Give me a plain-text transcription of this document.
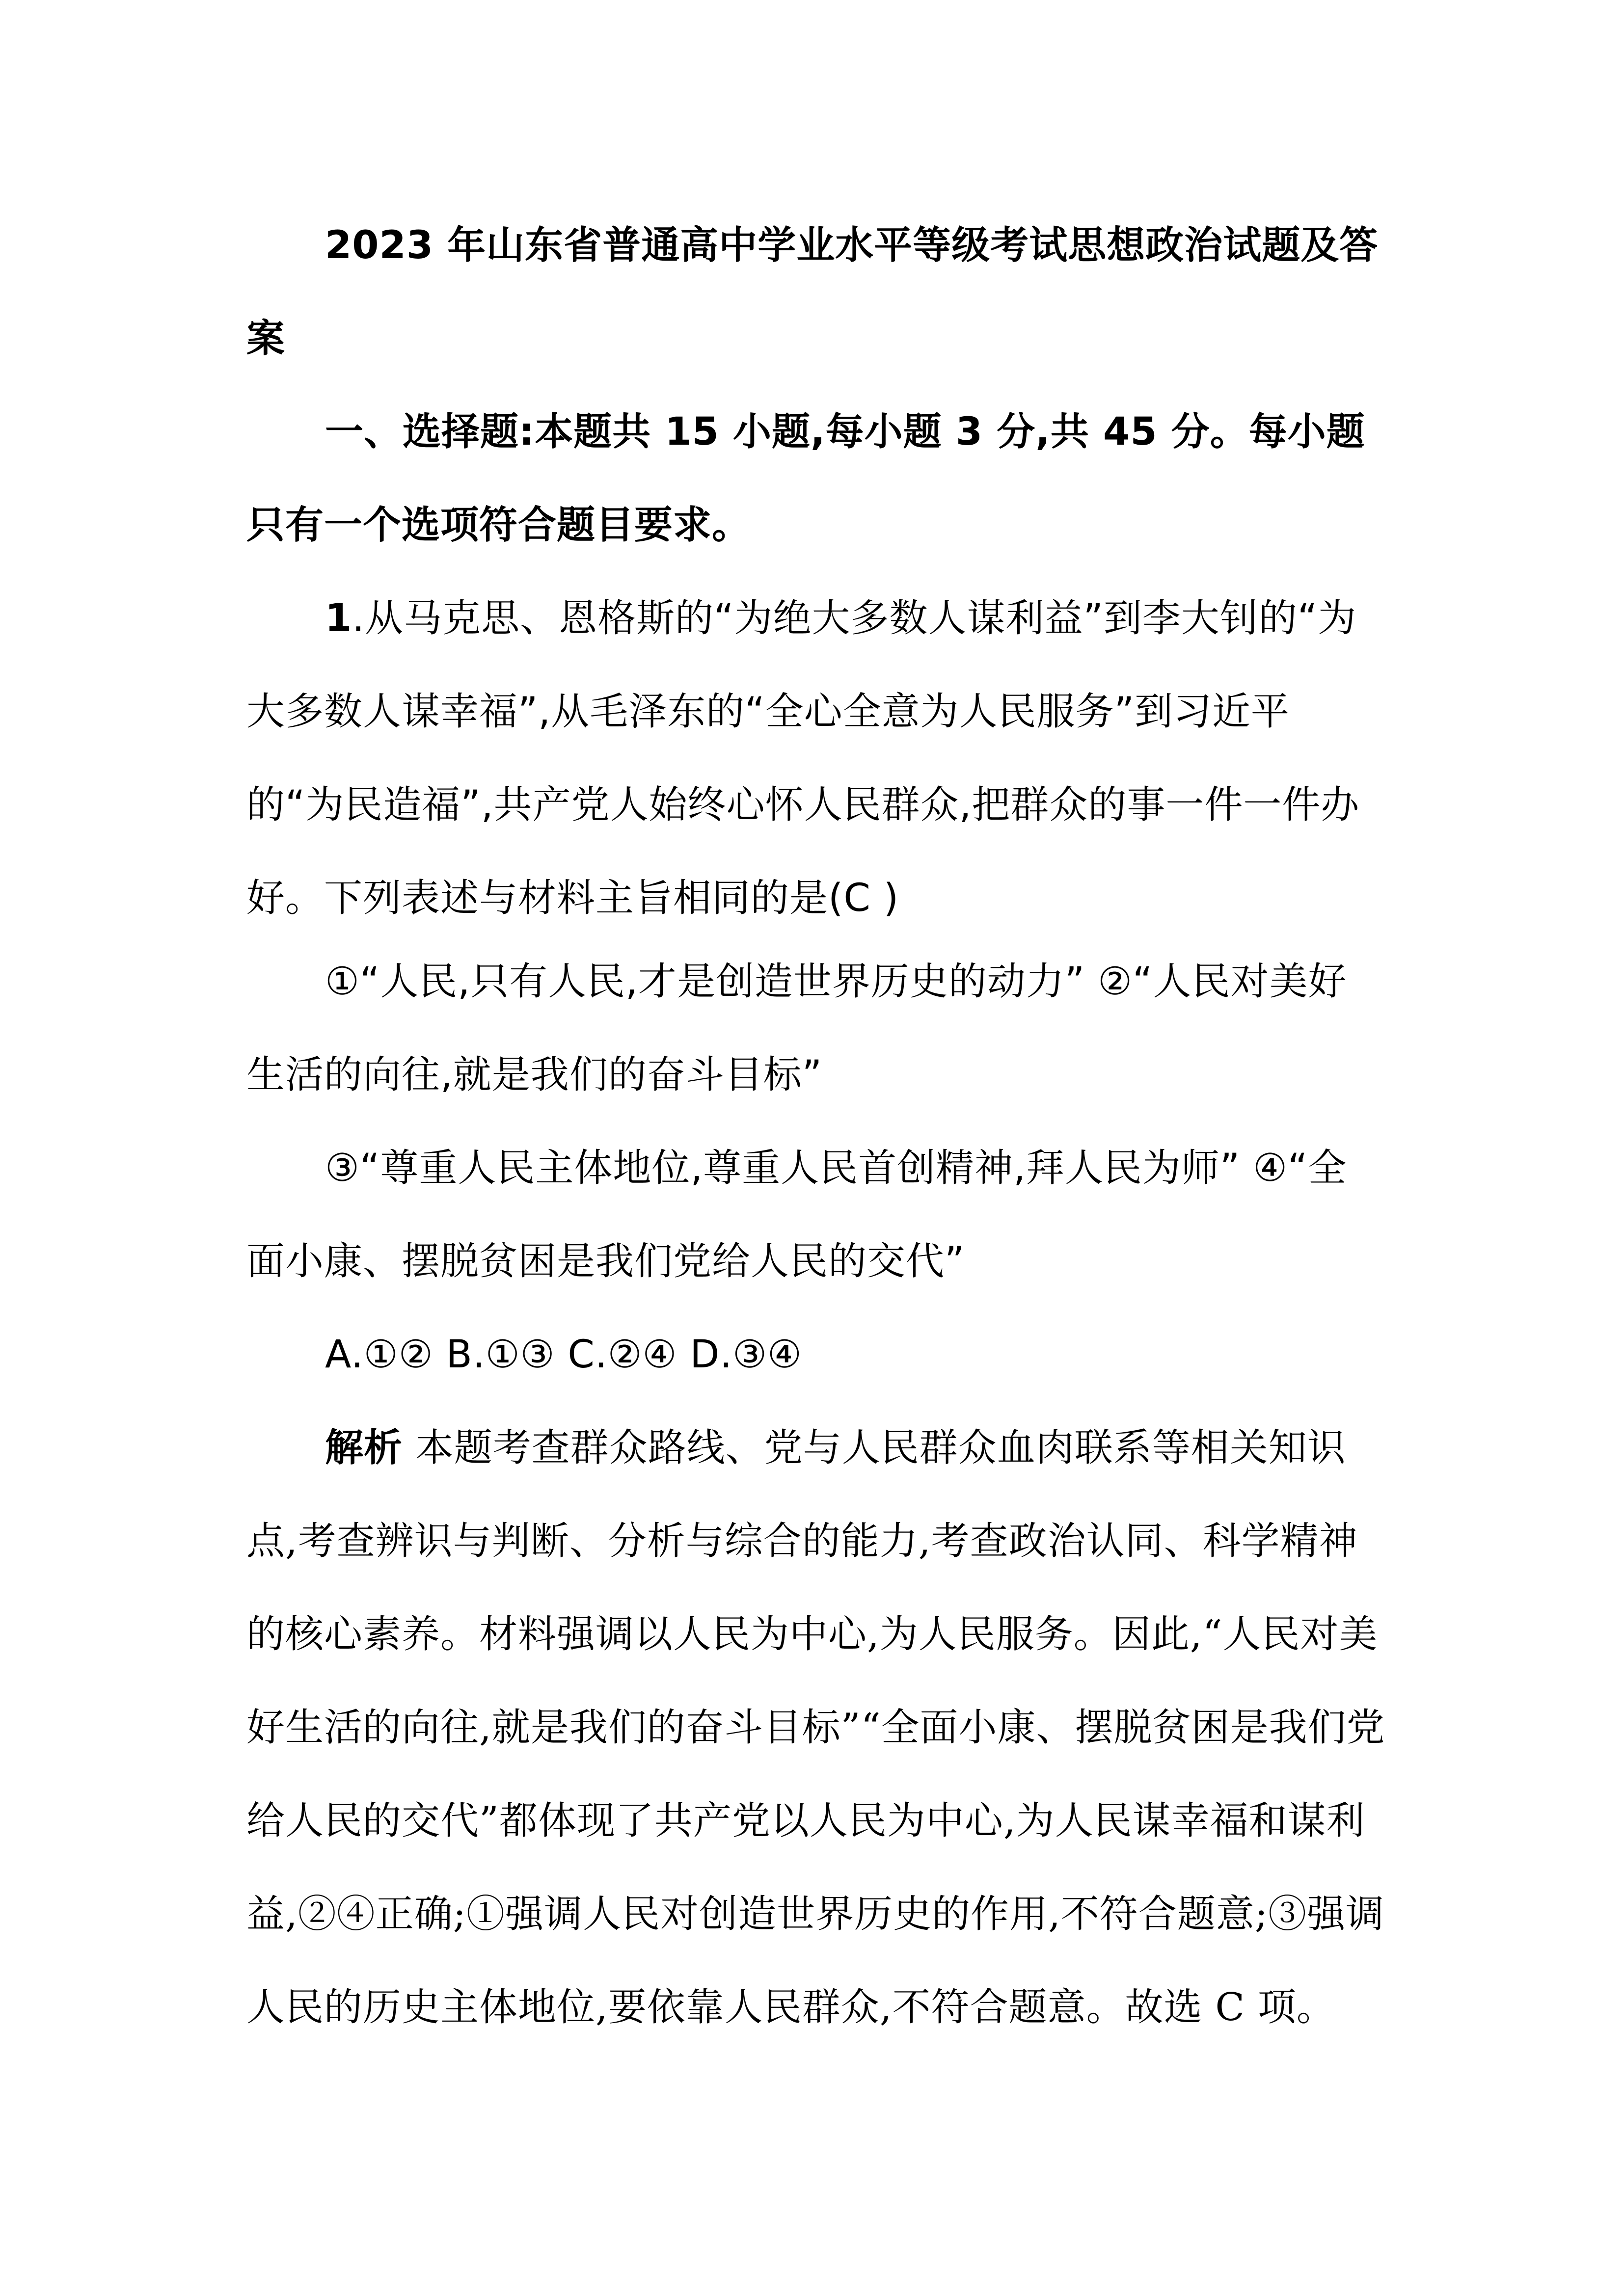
2023 年山东省普通高中学业水平等级考试思想政治试题及答案

一、选择题:本题共 15 小题,每小题 3 分,共 45 分。每小题只有一个选项符合题目要求。

1.从马克思、恩格斯的“为绝大多数人谋利益”到李大钊的“为大多数人谋幸福”,从毛泽东的“全心全意为人民服务”到习近平的“为民造福”,共产党人始终心怀人民群众,把群众的事一件一件办好。下列表述与材料主旨相同的是(C )

①“人民,只有人民,才是创造世界历史的动力” ②“人民对美好生活的向往,就是我们的奋斗目标”

③“尊重人民主体地位,尊重人民首创精神,拜人民为师” ④“全面小康、摆脱贫困是我们党给人民的交代”

A.①② B.①③ C.②④ D.③④

解析 本题考查群众路线、党与人民群众血肉联系等相关知识点,考查辨识与判断、分析与综合的能力,考查政治认同、科学精神的核心素养。材料强调以人民为中心,为人民服务。因此,“人民对美好生活的向往,就是我们的奋斗目标”“全面小康、摆脱贫困是我们党给人民的交代”都体现了共产党以人民为中心,为人民谋幸福和谋利益,②④正确;①强调人民对创造世界历史的作用,不符合题意;③强调人民的历史主体地位,要依靠人民群众,不符合题意。故选 C 项。
